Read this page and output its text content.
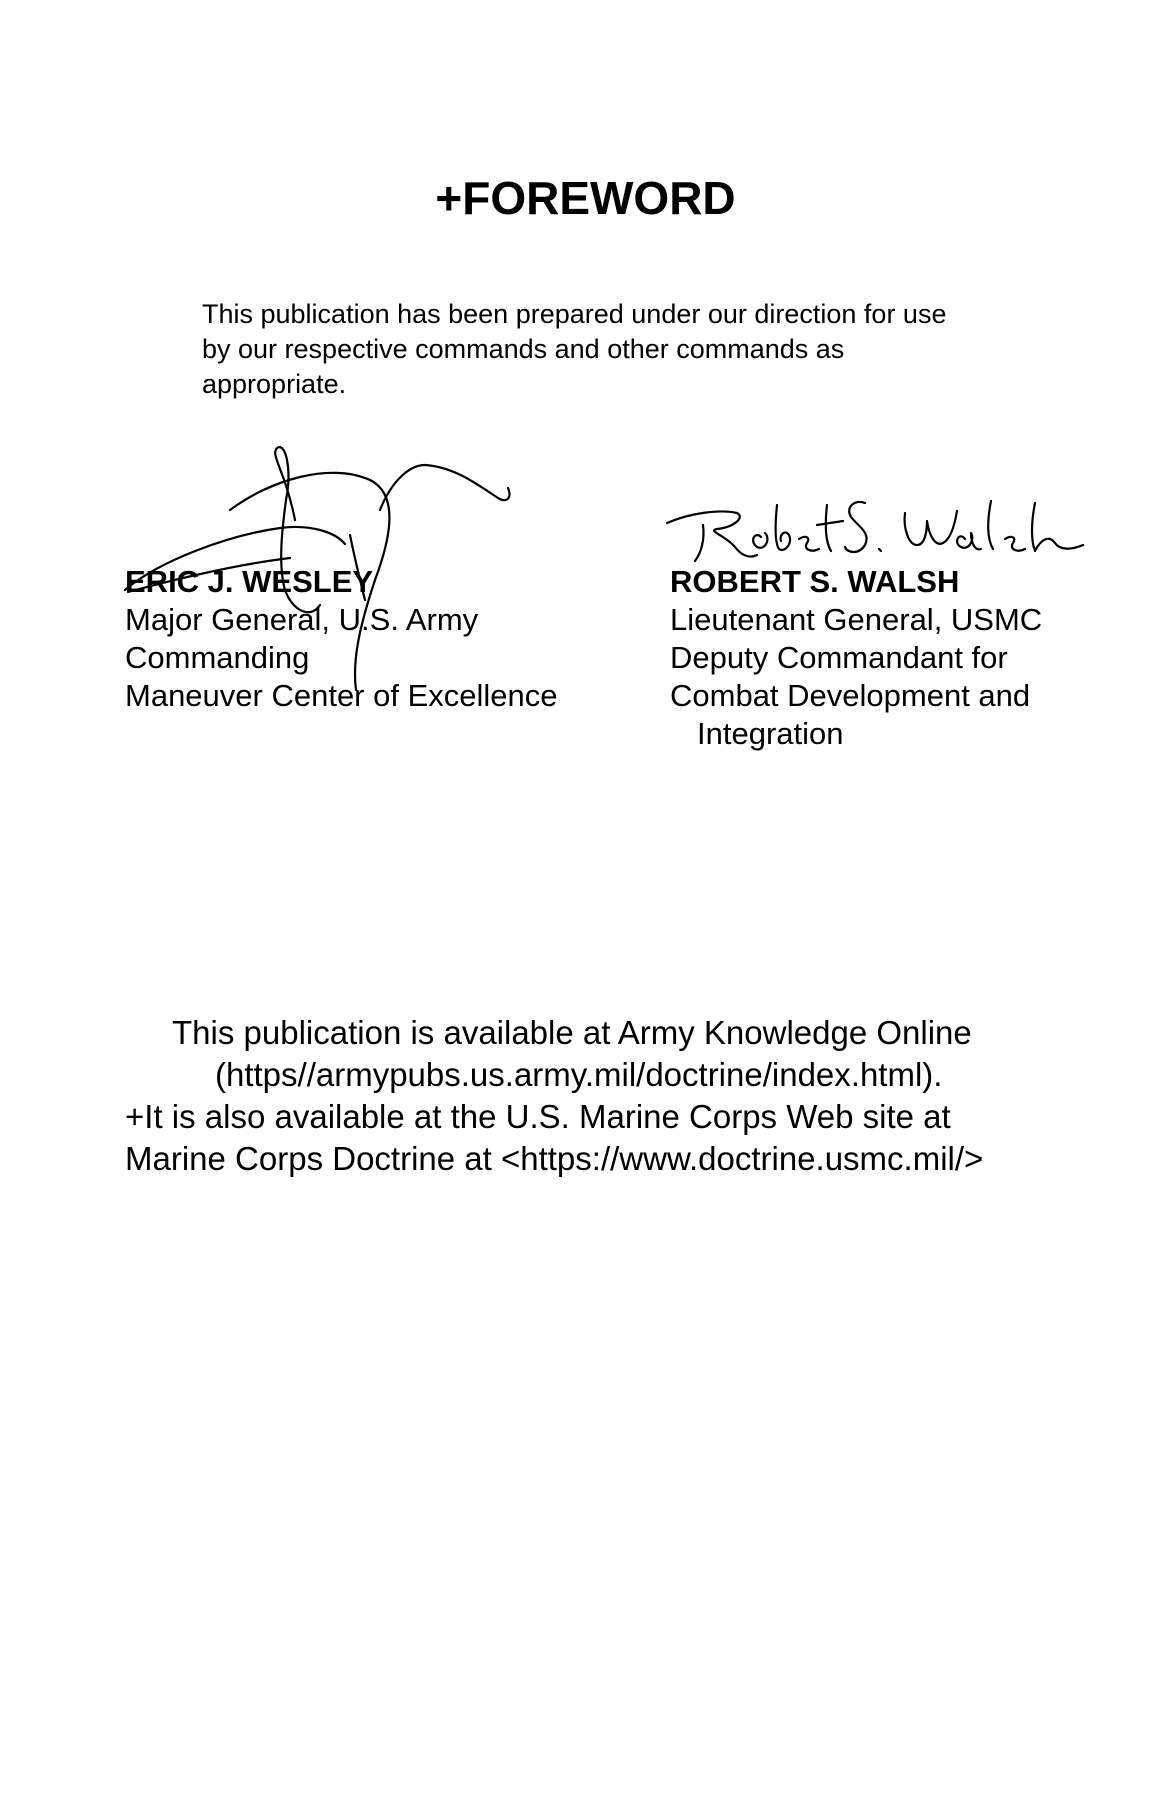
+FOREWORD
This publication has been prepared under our direction for use
by our respective commands and other commands as
appropriate.
ERIC J. WESLEY
Major General, U.S. Army
Commanding
Maneuver Center of Excellence
ROBERT S. WALSH
Lieutenant General, USMC
Deputy Commandant for
Combat Development and
Integration
This publication is available at Army Knowledge Online
(https//armypubs.us.army.mil/doctrine/index.html).
+It is also available at the U.S. Marine Corps Web site at
Marine Corps Doctrine at <https://www.doctrine.usmc.mil/>
